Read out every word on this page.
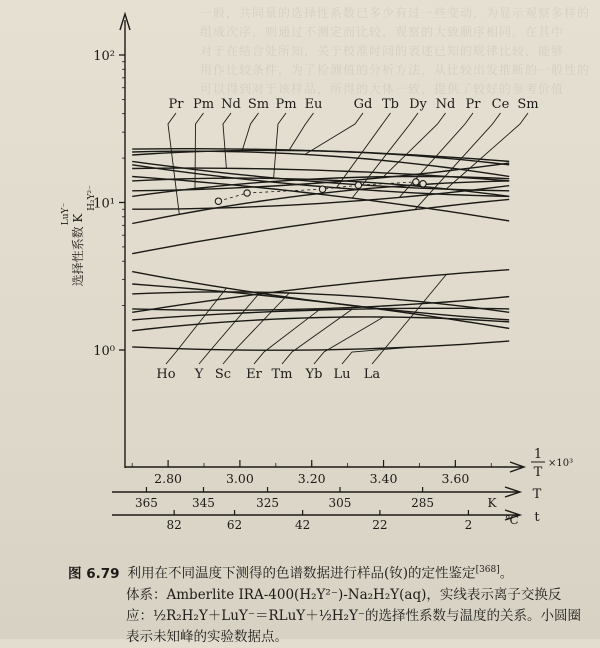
一般，共同量的选择性系数已多少有过一些变动，为显示观察多样的
组成次序，则通过不测定而比较，观察的大致顺序相同。在其中
对于在结合处所知，关于校准时间的表述已知的规律比较，能够
用作比较条件，为了检测值的分析方法，从比较出发推断的一般性的
可以得到对于该样品，所得的大体一致，提供了较好的参考价值
10²
10¹
10⁰
选择性系数 K
LuY⁻
H₂Y²⁻
2.80	3.00	3.20	3.40	3.60
1
T
×10³
365	345	325	305	285	K
T
82	62	42	22	2	℃ t
Pr Pm Nd Sm Pm Eu Gd Tb Dy Nd Pr Ce Sm
Ho Y Sc Er Tm Yb Lu La
图 6.79 利用在不同温度下测得的色谱数据进行样品(钕)的定性鉴定[368]。
体系：Amberlite IRA-400(H₂Y²⁻)-Na₂H₂Y(aq)，实线表示离子交换反应：½R₂H₂Y＋LuY⁻＝RLuY＋½H₂Y⁻的选择性系数与温度的关系。小圆圈表示未知峰的实验数据点。
